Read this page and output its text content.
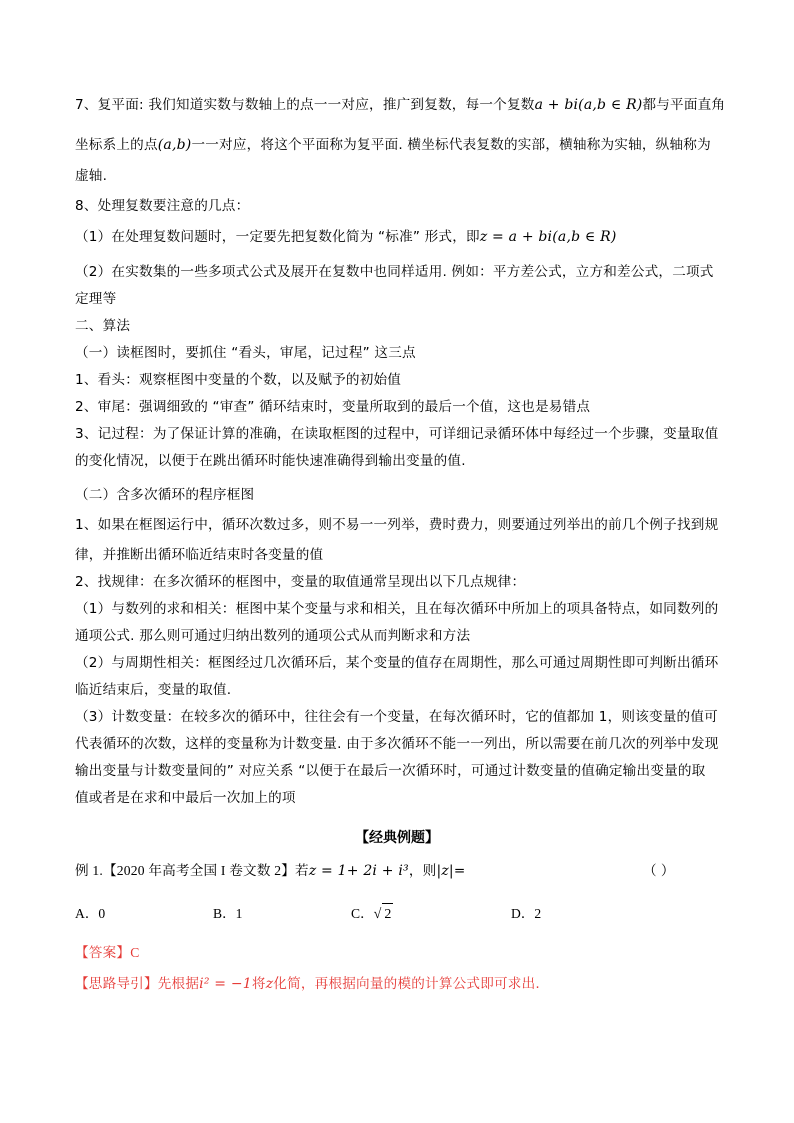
7、复平面: 我们知道实数与数轴上的点一一对应，推广到复数，每一个复数a + bi(a,b ∈ R)都与平面直角
坐标系上的点(a,b)一一对应，将这个平面称为复平面. 横坐标代表复数的实部，横轴称为实轴，纵轴称为
虚轴.
8、处理复数要注意的几点：
（1）在处理复数问题时，一定要先把复数化简为 “标准” 形式，即z = a + bi(a,b ∈ R)
（2）在实数集的一些多项式公式及展开在复数中也同样适用. 例如：平方差公式，立方和差公式，二项式
定理等
二、算法
（一）读框图时，要抓住 “看头，审尾，记过程” 这三点
1、看头：观察框图中变量的个数，以及赋予的初始值
2、审尾：强调细致的 “审查” 循环结束时，变量所取到的最后一个值，这也是易错点
3、记过程：为了保证计算的准确，在读取框图的过程中，可详细记录循环体中每经过一个步骤，变量取值
的变化情况，以便于在跳出循环时能快速准确得到输出变量的值.
（二）含多次循环的程序框图
1、如果在框图运行中，循环次数过多，则不易一一列举，费时费力，则要通过列举出的前几个例子找到规
律，并推断出循环临近结束时各变量的值
2、找规律：在多次循环的框图中，变量的取值通常呈现出以下几点规律：
（1）与数列的求和相关：框图中某个变量与求和相关，且在每次循环中所加上的项具备特点，如同数列的
通项公式. 那么则可通过归纳出数列的通项公式从而判断求和方法
（2）与周期性相关：框图经过几次循环后，某个变量的值存在周期性，那么可通过周期性即可判断出循环
临近结束后，变量的取值.
（3）计数变量：在较多次的循环中，往往会有一个变量，在每次循环时，它的值都加 1，则该变量的值可
代表循环的次数，这样的变量称为计数变量. 由于多次循环不能一一列出，所以需要在前几次的列举中发现
输出变量与计数变量间的” 对应关系 “以便于在最后一次循环时，可通过计数变量的值确定输出变量的取
值或者是在求和中最后一次加上的项
【经典例题】
例 1.【2020 年高考全国 I 卷文数 2】若z = 1+ 2i + i³，则|z|=	（ ）
A．0	B．1	C．√ 2	D．2
【答案】C
【思路导引】先根据i² = −1将z化简，再根据向量的模的计算公式即可求出.
